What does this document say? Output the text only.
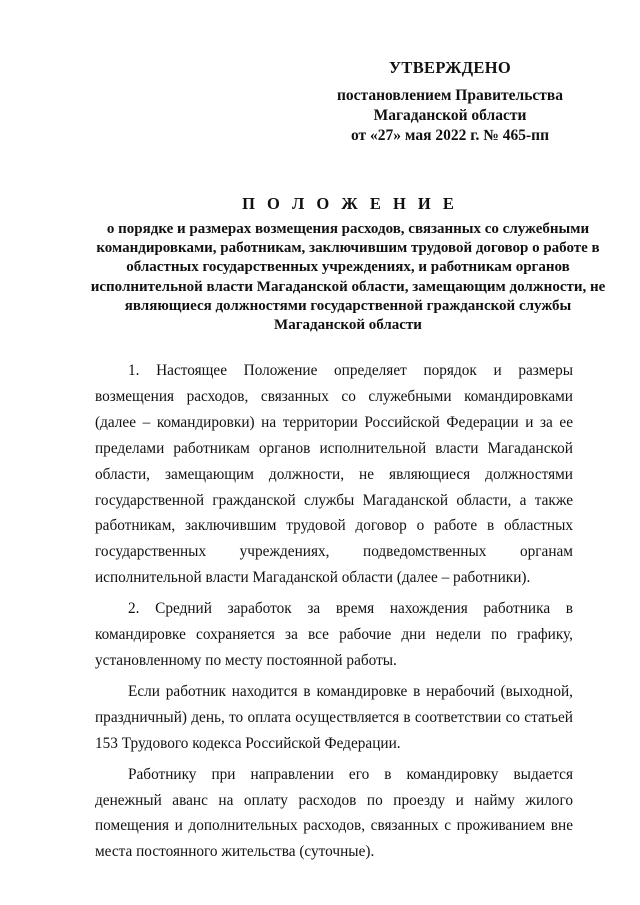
УТВЕРЖДЕНО
постановлением Правительства
Магаданской области
от «27» мая 2022 г. № 465-пп
П О Л О Ж Е Н И Е
о порядке и размерах возмещения расходов, связанных со служебными командировками, работникам, заключившим трудовой договор о работе в областных государственных учреждениях, и работникам органов исполнительной власти Магаданской области, замещающим должности, не являющиеся должностями государственной гражданской службы Магаданской области

1. Настоящее Положение определяет порядок и размеры возмещения расходов, связанных со служебными командировками (далее – командировки) на территории Российской Федерации и за ее пределами работникам органов исполнительной власти Магаданской области, замещающим должности, не являющиеся должностями государственной гражданской службы Магаданской области, а также работникам, заключившим трудовой договор о работе в областных государственных учреждениях, подведомственных органам исполнительной власти Магаданской области (далее – работники).

2. Средний заработок за время нахождения работника в командировке сохраняется за все рабочие дни недели по графику, установленному по месту постоянной работы.

Если работник находится в командировке в нерабочий (выходной, праздничный) день, то оплата осуществляется в соответствии со статьей 153 Трудового кодекса Российской Федерации.

Работнику при направлении его в командировку выдается денежный аванс на оплату расходов по проезду и найму жилого помещения и дополнительных расходов, связанных с проживанием вне места постоянного жительства (суточные).
